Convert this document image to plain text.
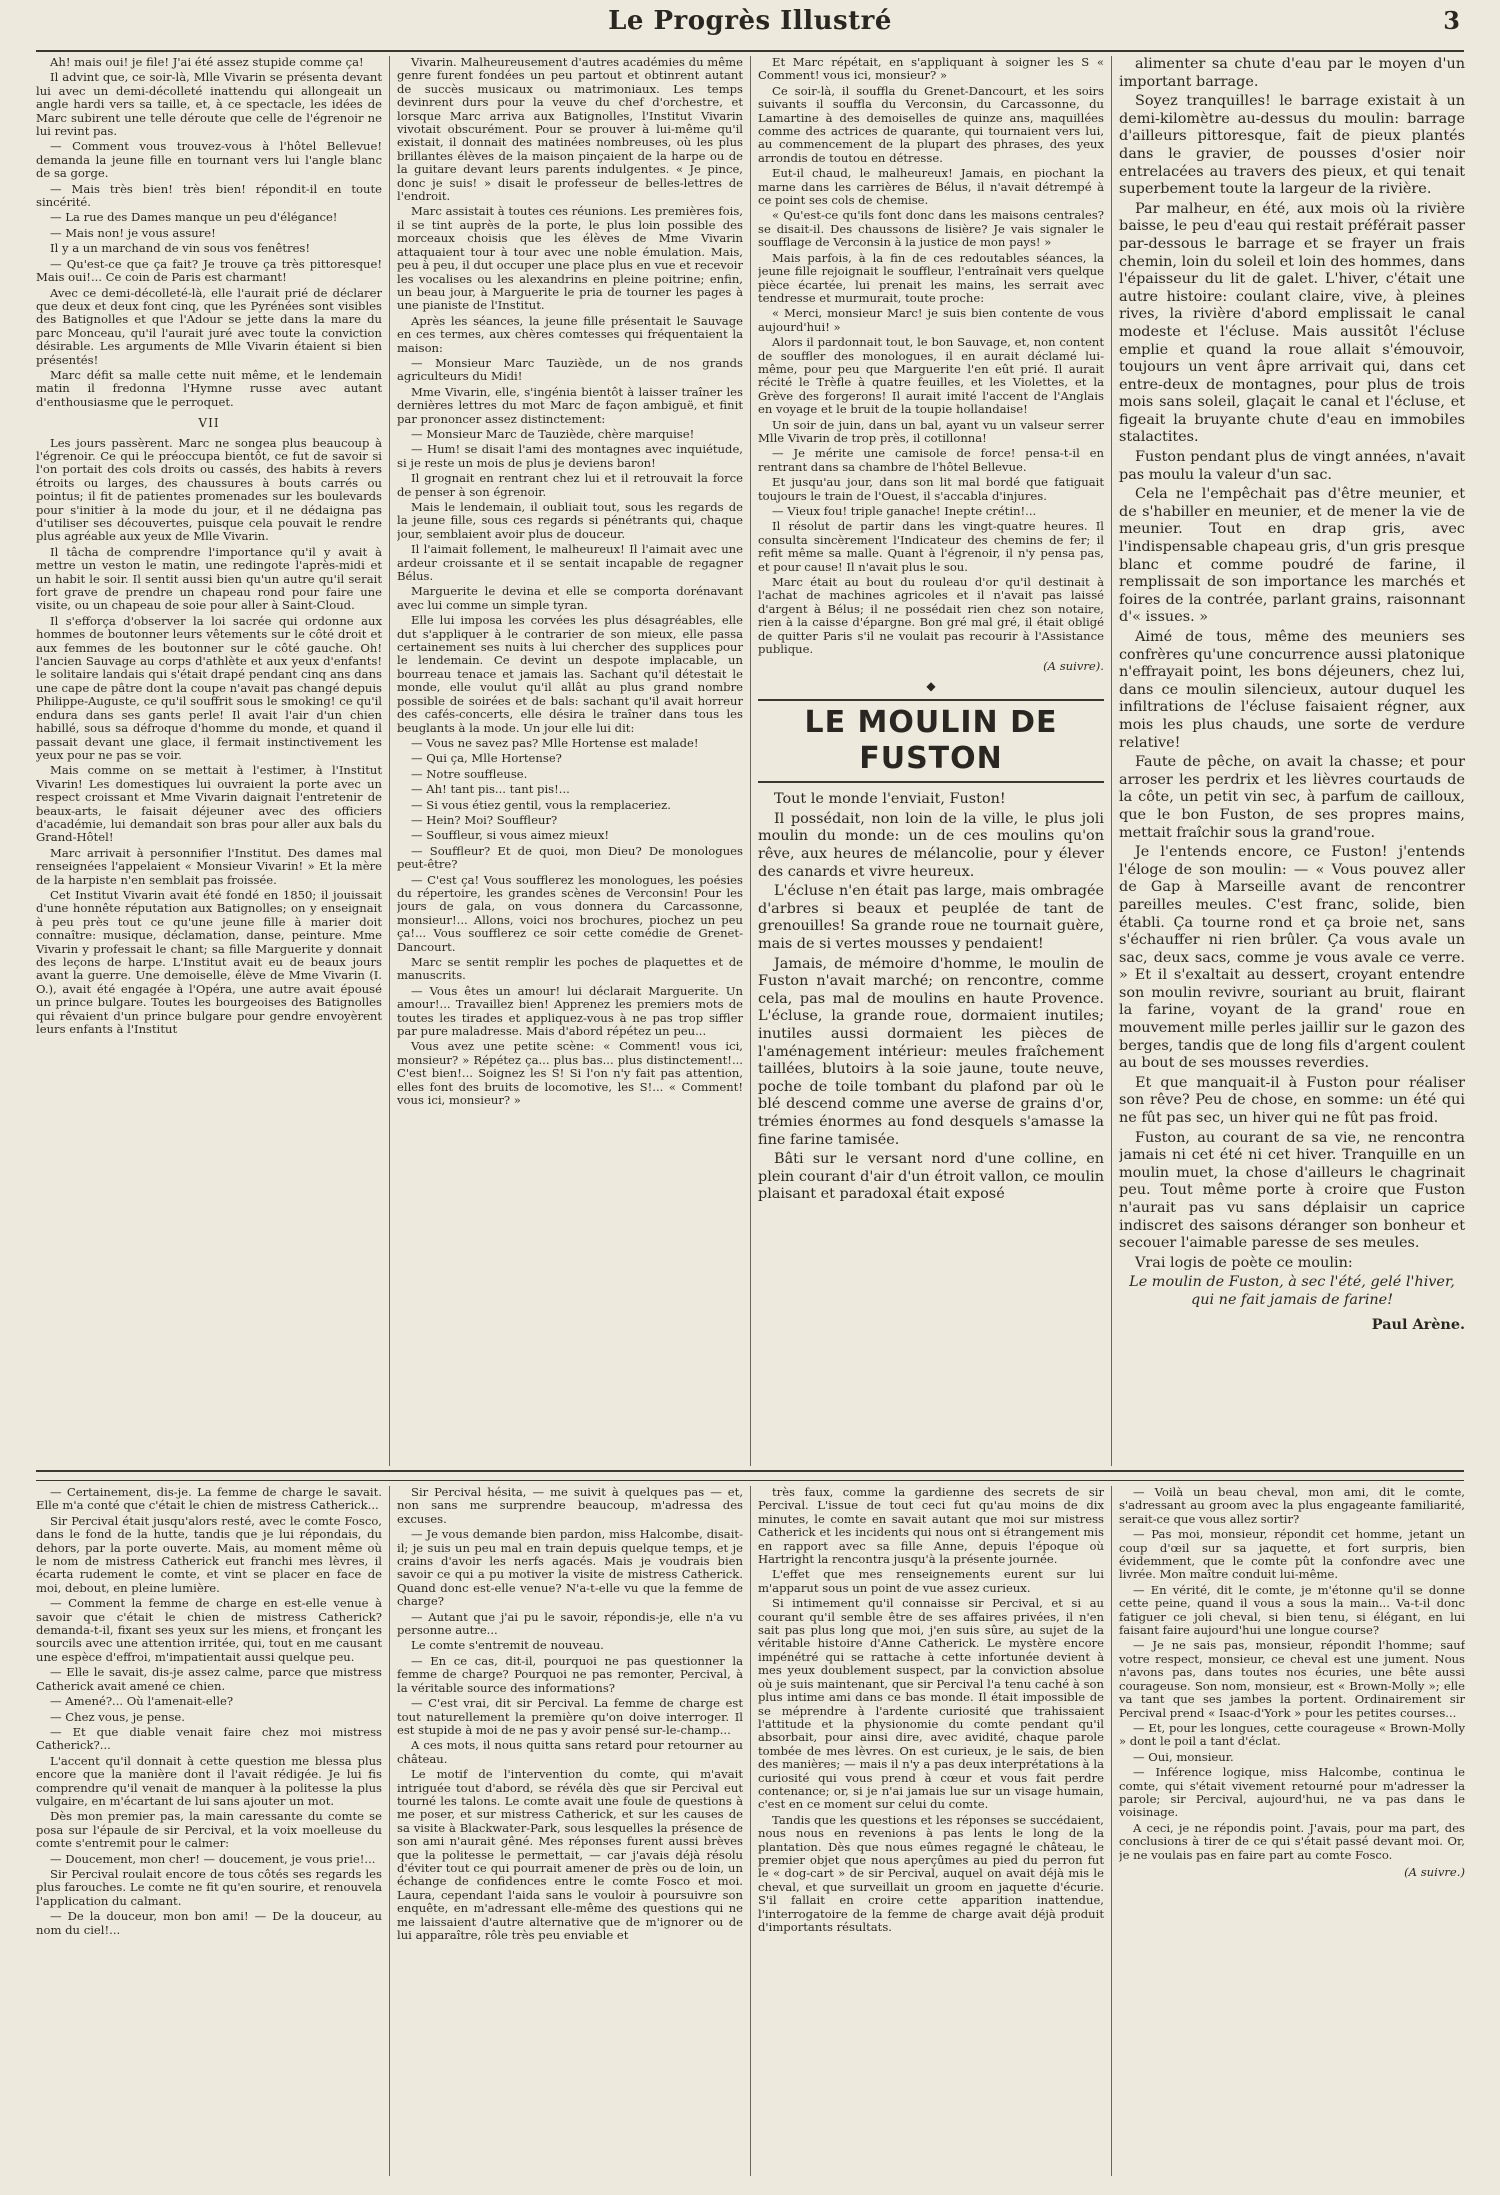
Le Progrès Illustré	3

Ah! mais oui! je file! J'ai été assez stupide comme ça!

Il advint que, ce soir-là, Mlle Vivarin se présenta devant lui avec un demi-décolleté inattendu qui allongeait un angle hardi vers sa taille, et, à ce spectacle, les idées de Marc subirent une telle déroute que celle de l'égrenoir ne lui revint pas.

— Comment vous trouvez-vous à l'hôtel Bellevue! demanda la jeune fille en tournant vers lui l'angle blanc de sa gorge.

— Mais très bien! très bien! répondit-il en toute sincérité.

— La rue des Dames manque un peu d'élégance!

— Mais non! je vous assure!

Il y a un marchand de vin sous vos fenêtres!

— Qu'est-ce que ça fait? Je trouve ça très pittoresque! Mais oui!... Ce coin de Paris est charmant!

Avec ce demi-décolleté-là, elle l'aurait prié de déclarer que deux et deux font cinq, que les Pyrénées sont visibles des Batignolles et que l'Adour se jette dans la mare du parc Monceau, qu'il l'aurait juré avec toute la conviction désirable. Les arguments de Mlle Vivarin étaient si bien présentés!

Marc défit sa malle cette nuit même, et le lendemain matin il fredonna l'Hymne russe avec autant d'enthousiasme que le perroquet.

VII

Les jours passèrent. Marc ne songea plus beaucoup à l'égrenoir. Ce qui le préoccupa bientôt, ce fut de savoir si l'on portait des cols droits ou cassés, des habits à revers étroits ou larges, des chaussures à bouts carrés ou pointus; il fit de patientes promenades sur les boulevards pour s'initier à la mode du jour, et il ne dédaigna pas d'utiliser ses découvertes, puisque cela pouvait le rendre plus agréable aux yeux de Mlle Vivarin.

Il tâcha de comprendre l'importance qu'il y avait à mettre un veston le matin, une redingote l'après-midi et un habit le soir. Il sentit aussi bien qu'un autre qu'il serait fort grave de prendre un chapeau rond pour faire une visite, ou un chapeau de soie pour aller à Saint-Cloud.

Il s'efforça d'observer la loi sacrée qui ordonne aux hommes de boutonner leurs vêtements sur le côté droit et aux femmes de les boutonner sur le côté gauche. Oh! l'ancien Sauvage au corps d'athlète et aux yeux d'enfants! le solitaire landais qui s'était drapé pendant cinq ans dans une cape de pâtre dont la coupe n'avait pas changé depuis Philippe-Auguste, ce qu'il souffrit sous le smoking! ce qu'il endura dans ses gants perle! Il avait l'air d'un chien habillé, sous sa défroque d'homme du monde, et quand il passait devant une glace, il fermait instinctivement les yeux pour ne pas se voir.

Mais comme on se mettait à l'estimer, à l'Institut Vivarin! Les domestiques lui ouvraient la porte avec un respect croissant et Mme Vivarin daignait l'entretenir de beaux-arts, le faisait déjeuner avec des officiers d'académie, lui demandait son bras pour aller aux bals du Grand-Hôtel!

Marc arrivait à personnifier l'Institut. Des dames mal renseignées l'appelaient « Monsieur Vivarin! » Et la mère de la harpiste n'en semblait pas froissée.

Cet Institut Vivarin avait été fondé en 1850; il jouissait d'une honnête réputation aux Batignolles; on y enseignait à peu près tout ce qu'une jeune fille à marier doit connaître: musique, déclamation, danse, peinture. Mme Vivarin y professait le chant; sa fille Marguerite y donnait des leçons de harpe. L'Institut avait eu de beaux jours avant la guerre. Une demoiselle, élève de Mme Vivarin (I. O.), avait été engagée à l'Opéra, une autre avait épousé un prince bulgare. Toutes les bourgeoises des Batignolles qui rêvaient d'un prince bulgare pour gendre envoyèrent leurs enfants à l'Institut

Vivarin. Malheureusement d'autres académies du même genre furent fondées un peu partout et obtinrent autant de succès musicaux ou matrimoniaux. Les temps devinrent durs pour la veuve du chef d'orchestre, et lorsque Marc arriva aux Batignolles, l'Institut Vivarin vivotait obscurément. Pour se prouver à lui-même qu'il existait, il donnait des matinées nombreuses, où les plus brillantes élèves de la maison pinçaient de la harpe ou de la guitare devant leurs parents indulgentes. « Je pince, donc je suis! » disait le professeur de belles-lettres de l'endroit.

Marc assistait à toutes ces réunions. Les premières fois, il se tint auprès de la porte, le plus loin possible des morceaux choisis que les élèves de Mme Vivarin attaquaient tour à tour avec une noble émulation. Mais, peu à peu, il dut occuper une place plus en vue et recevoir les vocalises ou les alexandrins en pleine poitrine; enfin, un beau jour, à Marguerite le pria de tourner les pages à une pianiste de l'Institut.

Après les séances, la jeune fille présentait le Sauvage en ces termes, aux chères comtesses qui fréquentaient la maison:

— Monsieur Marc Tauziède, un de nos grands agriculteurs du Midi!

Mme Vivarin, elle, s'ingénia bientôt à laisser traîner les dernières lettres du mot Marc de façon ambiguë, et finit par prononcer assez distinctement:

— Monsieur Marc de Tauziède, chère marquise!

— Hum! se disait l'ami des montagnes avec inquiétude, si je reste un mois de plus je deviens baron!

Il grognait en rentrant chez lui et il retrouvait la force de penser à son égrenoir.

Mais le lendemain, il oubliait tout, sous les regards de la jeune fille, sous ces regards si pénétrants qui, chaque jour, semblaient avoir plus de douceur.

Il l'aimait follement, le malheureux! Il l'aimait avec une ardeur croissante et il se sentait incapable de regagner Bélus.

Marguerite le devina et elle se comporta dorénavant avec lui comme un simple tyran.

Elle lui imposa les corvées les plus désagréables, elle dut s'appliquer à le contrarier de son mieux, elle passa certainement ses nuits à lui chercher des supplices pour le lendemain. Ce devint un despote implacable, un bourreau tenace et jamais las. Sachant qu'il détestait le monde, elle voulut qu'il allât au plus grand nombre possible de soirées et de bals: sachant qu'il avait horreur des cafés-concerts, elle désira le traîner dans tous les beuglants à la mode. Un jour elle lui dit:

— Vous ne savez pas? Mlle Hortense est malade!

— Qui ça, Mlle Hortense?

— Notre souffleuse.

— Ah! tant pis... tant pis!...

— Si vous étiez gentil, vous la remplaceriez.

— Hein? Moi? Souffleur?

— Souffleur, si vous aimez mieux!

— Souffleur? Et de quoi, mon Dieu? De monologues peut-être?

— C'est ça! Vous soufflerez les monologues, les poésies du répertoire, les grandes scènes de Verconsin! Pour les jours de gala, on vous donnera du Carcassonne, monsieur!... Allons, voici nos brochures, piochez un peu ça!... Vous soufflerez ce soir cette comédie de Grenet-Dancourt.

Marc se sentit remplir les poches de plaquettes et de manuscrits.

— Vous êtes un amour! lui déclarait Marguerite. Un amour!... Travaillez bien! Apprenez les premiers mots de toutes les tirades et appliquez-vous à ne pas trop siffler par pure maladresse. Mais d'abord répétez un peu...

Vous avez une petite scène: « Comment! vous ici, monsieur? » Répétez ça... plus bas... plus distinctement!... C'est bien!... Soignez les S! Si l'on n'y fait pas attention, elles font des bruits de locomotive, les S!... « Comment! vous ici, monsieur? »

Et Marc répétait, en s'appliquant à soigner les S « Comment! vous ici, monsieur? »

Ce soir-là, il souffla du Grenet-Dancourt, et les soirs suivants il souffla du Verconsin, du Carcassonne, du Lamartine à des demoiselles de quinze ans, maquillées comme des actrices de quarante, qui tournaient vers lui, au commencement de la plupart des phrases, des yeux arrondis de toutou en détresse.

Eut-il chaud, le malheureux! Jamais, en piochant la marne dans les carrières de Bélus, il n'avait détrempé à ce point ses cols de chemise.

« Qu'est-ce qu'ils font donc dans les maisons centrales? se disait-il. Des chaussons de lisière? Je vais signaler le soufflage de Verconsin à la justice de mon pays! »

Mais parfois, à la fin de ces redoutables séances, la jeune fille rejoignait le souffleur, l'entraînait vers quelque pièce écartée, lui prenait les mains, les serrait avec tendresse et murmurait, toute proche:

« Merci, monsieur Marc! je suis bien contente de vous aujourd'hui! »

Alors il pardonnait tout, le bon Sauvage, et, non content de souffler des monologues, il en aurait déclamé lui-même, pour peu que Marguerite l'en eût prié. Il aurait récité le Trèfle à quatre feuilles, et les Violettes, et la Grève des forgerons! Il aurait imité l'accent de l'Anglais en voyage et le bruit de la toupie hollandaise!

Un soir de juin, dans un bal, ayant vu un valseur serrer Mlle Vivarin de trop près, il cotillonna!

— Je mérite une camisole de force! pensa-t-il en rentrant dans sa chambre de l'hôtel Bellevue.

Et jusqu'au jour, dans son lit mal bordé que fatiguait toujours le train de l'Ouest, il s'accabla d'injures.

— Vieux fou! triple ganache! Inepte crétin!...

Il résolut de partir dans les vingt-quatre heures. Il consulta sincèrement l'Indicateur des chemins de fer; il refit même sa malle. Quant à l'égrenoir, il n'y pensa pas, et pour cause! Il n'avait plus le sou.

Marc était au bout du rouleau d'or qu'il destinait à l'achat de machines agricoles et il n'avait pas laissé d'argent à Bélus; il ne possédait rien chez son notaire, rien à la caisse d'épargne. Bon gré mal gré, il était obligé de quitter Paris s'il ne voulait pas recourir à l'Assistance publique.

(A suivre).
◆
LE MOULIN DE FUSTON

Tout le monde l'enviait, Fuston!

Il possédait, non loin de la ville, le plus joli moulin du monde: un de ces moulins qu'on rêve, aux heures de mélancolie, pour y élever des canards et vivre heureux.

L'écluse n'en était pas large, mais ombragée d'arbres si beaux et peuplée de tant de grenouilles! Sa grande roue ne tournait guère, mais de si vertes mousses y pendaient!

Jamais, de mémoire d'homme, le moulin de Fuston n'avait marché; on rencontre, comme cela, pas mal de moulins en haute Provence. L'écluse, la grande roue, dormaient inutiles; inutiles aussi dormaient les pièces de l'aménagement intérieur: meules fraîchement taillées, blutoirs à la soie jaune, toute neuve, poche de toile tombant du plafond par où le blé descend comme une averse de grains d'or, trémies énormes au fond desquels s'amasse la fine farine tamisée.

Bâti sur le versant nord d'une colline, en plein courant d'air d'un étroit vallon, ce moulin plaisant et paradoxal était exposé

alimenter sa chute d'eau par le moyen d'un important barrage.

Soyez tranquilles! le barrage existait à un demi-kilomètre au-dessus du moulin: barrage d'ailleurs pittoresque, fait de pieux plantés dans le gravier, de pousses d'osier noir entrelacées au travers des pieux, et qui tenait superbement toute la largeur de la rivière.

Par malheur, en été, aux mois où la rivière baisse, le peu d'eau qui restait préférait passer par-dessous le barrage et se frayer un frais chemin, loin du soleil et loin des hommes, dans l'épaisseur du lit de galet. L'hiver, c'était une autre histoire: coulant claire, vive, à pleines rives, la rivière d'abord emplissait le canal modeste et l'écluse. Mais aussitôt l'écluse emplie et quand la roue allait s'émouvoir, toujours un vent âpre arrivait qui, dans cet entre-deux de montagnes, pour plus de trois mois sans soleil, glaçait le canal et l'écluse, et figeait la bruyante chute d'eau en immobiles stalactites.

Fuston pendant plus de vingt années, n'avait pas moulu la valeur d'un sac.

Cela ne l'empêchait pas d'être meunier, et de s'habiller en meunier, et de mener la vie de meunier. Tout en drap gris, avec l'indispensable chapeau gris, d'un gris presque blanc et comme poudré de farine, il remplissait de son importance les marchés et foires de la contrée, parlant grains, raisonnant d'« issues. »

Aimé de tous, même des meuniers ses confrères qu'une concurrence aussi platonique n'effrayait point, les bons déjeuners, chez lui, dans ce moulin silencieux, autour duquel les infiltrations de l'écluse faisaient régner, aux mois les plus chauds, une sorte de verdure relative!

Faute de pêche, on avait la chasse; et pour arroser les perdrix et les lièvres courtauds de la côte, un petit vin sec, à parfum de cailloux, que le bon Fuston, de ses propres mains, mettait fraîchir sous la grand'roue.

Je l'entends encore, ce Fuston! j'entends l'éloge de son moulin: — « Vous pouvez aller de Gap à Marseille avant de rencontrer pareilles meules. C'est franc, solide, bien établi. Ça tourne rond et ça broie net, sans s'échauffer ni rien brûler. Ça vous avale un sac, deux sacs, comme je vous avale ce verre. » Et il s'exaltait au dessert, croyant entendre son moulin revivre, souriant au bruit, flairant la farine, voyant de la grand' roue en mouvement mille perles jaillir sur le gazon des berges, tandis que de long fils d'argent coulent au bout de ses mousses reverdies.

Et que manquait-il à Fuston pour réaliser son rêve? Peu de chose, en somme: un été qui ne fût pas sec, un hiver qui ne fût pas froid.

Fuston, au courant de sa vie, ne rencontra jamais ni cet été ni cet hiver. Tranquille en un moulin muet, la chose d'ailleurs le chagrinait peu. Tout même porte à croire que Fuston n'aurait pas vu sans déplaisir un caprice indiscret des saisons déranger son bonheur et secouer l'aimable paresse de ses meules.

Vrai logis de poète ce moulin:

Le moulin de Fuston, à sec l'été, gelé l'hiver, qui ne fait jamais de farine!

Paul Arène.

— Certainement, dis-je. La femme de charge le savait. Elle m'a conté que c'était le chien de mistress Catherick...

Sir Percival était jusqu'alors resté, avec le comte Fosco, dans le fond de la hutte, tandis que je lui répondais, du dehors, par la porte ouverte. Mais, au moment même où le nom de mistress Catherick eut franchi mes lèvres, il écarta rudement le comte, et vint se placer en face de moi, debout, en pleine lumière.

— Comment la femme de charge en est-elle venue à savoir que c'était le chien de mistress Catherick? demanda-t-il, fixant ses yeux sur les miens, et fronçant les sourcils avec une attention irritée, qui, tout en me causant une espèce d'effroi, m'impatientait aussi quelque peu.

— Elle le savait, dis-je assez calme, parce que mistress Catherick avait amené ce chien.

— Amené?... Où l'amenait-elle?

— Chez vous, je pense.

— Et que diable venait faire chez moi mistress Catherick?...

L'accent qu'il donnait à cette question me blessa plus encore que la manière dont il l'avait rédigée. Je lui fis comprendre qu'il venait de manquer à la politesse la plus vulgaire, en m'écartant de lui sans ajouter un mot.

Dès mon premier pas, la main caressante du comte se posa sur l'épaule de sir Percival, et la voix moelleuse du comte s'entremit pour le calmer:

— Doucement, mon cher! — doucement, je vous prie!...

Sir Percival roulait encore de tous côtés ses regards les plus farouches. Le comte ne fit qu'en sourire, et renouvela l'application du calmant.

— De la douceur, mon bon ami! — De la douceur, au nom du ciel!...

Sir Percival hésita, — me suivit à quelques pas — et, non sans me surprendre beaucoup, m'adressa des excuses.

— Je vous demande bien pardon, miss Halcombe, disait-il; je suis un peu mal en train depuis quelque temps, et je crains d'avoir les nerfs agacés. Mais je voudrais bien savoir ce qui a pu motiver la visite de mistress Catherick. Quand donc est-elle venue? N'a-t-elle vu que la femme de charge?

— Autant que j'ai pu le savoir, répondis-je, elle n'a vu personne autre...

Le comte s'entremit de nouveau.

— En ce cas, dit-il, pourquoi ne pas questionner la femme de charge? Pourquoi ne pas remonter, Percival, à la véritable source des informations?

— C'est vrai, dit sir Percival. La femme de charge est tout naturellement la première qu'on doive interroger. Il est stupide à moi de ne pas y avoir pensé sur-le-champ...

A ces mots, il nous quitta sans retard pour retourner au château.

Le motif de l'intervention du comte, qui m'avait intriguée tout d'abord, se révéla dès que sir Percival eut tourné les talons. Le comte avait une foule de questions à me poser, et sur mistress Catherick, et sur les causes de sa visite à Blackwater-Park, sous lesquelles la présence de son ami n'aurait gêné. Mes réponses furent aussi brèves que la politesse le permettait, — car j'avais déjà résolu d'éviter tout ce qui pourrait amener de près ou de loin, un échange de confidences entre le comte Fosco et moi. Laura, cependant l'aida sans le vouloir à poursuivre son enquête, en m'adressant elle-même des questions qui ne me laissaient d'autre alternative que de m'ignorer ou de lui apparaître, rôle très peu enviable et

très faux, comme la gardienne des secrets de sir Percival. L'issue de tout ceci fut qu'au moins de dix minutes, le comte en savait autant que moi sur mistress Catherick et les incidents qui nous ont si étrangement mis en rapport avec sa fille Anne, depuis l'époque où Hartright la rencontra jusqu'à la présente journée.

L'effet que mes renseignements eurent sur lui m'apparut sous un point de vue assez curieux.

Si intimement qu'il connaisse sir Percival, et si au courant qu'il semble être de ses affaires privées, il n'en sait pas plus long que moi, j'en suis sûre, au sujet de la véritable histoire d'Anne Catherick. Le mystère encore impénétré qui se rattache à cette infortunée devient à mes yeux doublement suspect, par la conviction absolue où je suis maintenant, que sir Percival l'a tenu caché à son plus intime ami dans ce bas monde. Il était impossible de se méprendre à l'ardente curiosité que trahissaient l'attitude et la physionomie du comte pendant qu'il absorbait, pour ainsi dire, avec avidité, chaque parole tombée de mes lèvres. On est curieux, je le sais, de bien des manières; — mais il n'y a pas deux interprétations à la curiosité qui vous prend à cœur et vous fait perdre contenance; or, si je n'ai jamais lue sur un visage humain, c'est en ce moment sur celui du comte.

Tandis que les questions et les réponses se succédaient, nous nous en revenions à pas lents le long de la plantation. Dès que nous eûmes regagné le château, le premier objet que nous aperçûmes au pied du perron fut le « dog-cart » de sir Percival, auquel on avait déjà mis le cheval, et que surveillait un groom en jaquette d'écurie. S'il fallait en croire cette apparition inattendue, l'interrogatoire de la femme de charge avait déjà produit d'importants résultats.

— Voilà un beau cheval, mon ami, dit le comte, s'adressant au groom avec la plus engageante familiarité, serait-ce que vous allez sortir?

— Pas moi, monsieur, répondit cet homme, jetant un coup d'œil sur sa jaquette, et fort surpris, bien évidemment, que le comte pût la confondre avec une livrée. Mon maître conduit lui-même.

— En vérité, dit le comte, je m'étonne qu'il se donne cette peine, quand il vous a sous la main... Va-t-il donc fatiguer ce joli cheval, si bien tenu, si élégant, en lui faisant faire aujourd'hui une longue course?

— Je ne sais pas, monsieur, répondit l'homme; sauf votre respect, monsieur, ce cheval est une jument. Nous n'avons pas, dans toutes nos écuries, une bête aussi courageuse. Son nom, monsieur, est « Brown-Molly »; elle va tant que ses jambes la portent. Ordinairement sir Percival prend « Isaac-d'York » pour les petites courses...

— Et, pour les longues, cette courageuse « Brown-Molly » dont le poil a tant d'éclat.

— Oui, monsieur.

— Inférence logique, miss Halcombe, continua le comte, qui s'était vivement retourné pour m'adresser la parole; sir Percival, aujourd'hui, ne va pas dans le voisinage.

A ceci, je ne répondis point. J'avais, pour ma part, des conclusions à tirer de ce qui s'était passé devant moi. Or, je ne voulais pas en faire part au comte Fosco.

(A suivre.)
